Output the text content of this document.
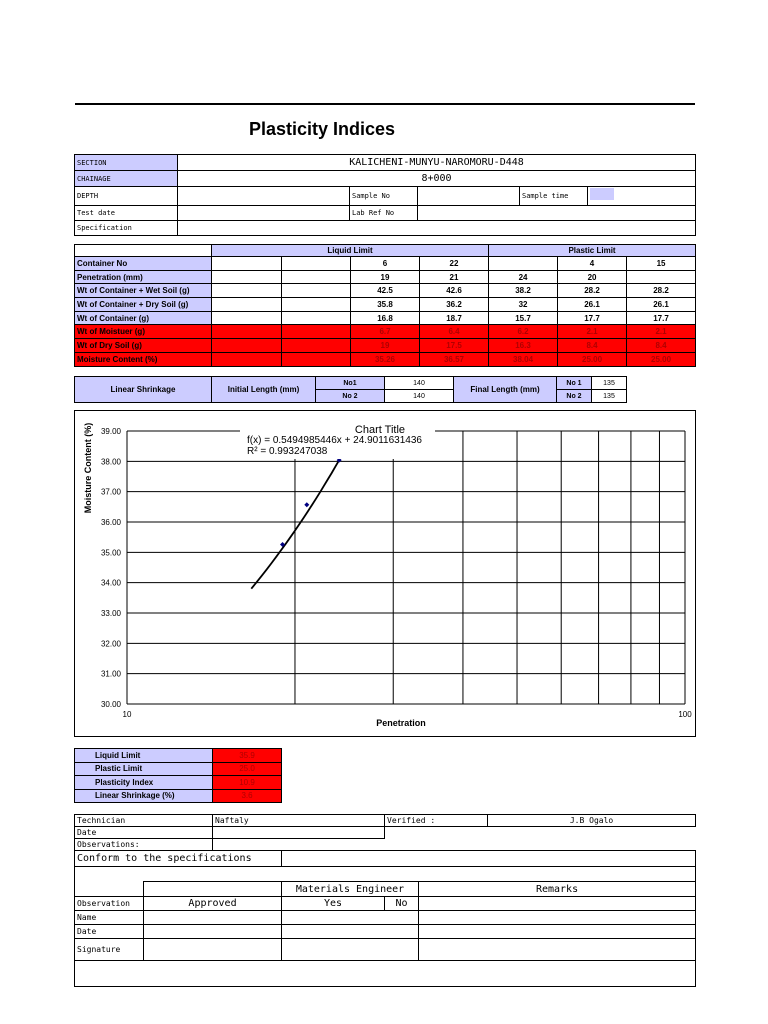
Plasticity Indices
SECTION	KALICHENI-MUNYU-NAROMORU-D448				
CHAINAGE	8+000				
DEPTH		Sample No		Sample time	
Test date		Lab Ref No			
Specification					
	Liquid Limit				Plastic Limit		
Container No			6	22		4	15
Penetration (mm)			19	21	24	20	
Wt of Container + Wet Soil (g)			42.5	42.6	38.2	28.2	28.2
Wt of Container + Dry Soil (g)			35.8	36.2	32	26.1	26.1
Wt of Container (g)			16.8	18.7	15.7	17.7	17.7
Wt of Moistuer (g)			6.7	6.4	6.2	2.1	2.1
Wt of Dry Soil (g)			19	17.5	16.3	8.4	8.4
Moisture Content (%)			35.26	36.57	38.04	25.00	25.00
Linear Shrinkage	Initial Length (mm)	No1	140	Final Length (mm)	No 1	135
		No 2	140		No 2	135
30.00
31.00
32.00
33.00
34.00
35.00
36.00
37.00
38.00
39.00
10	100
Chart Title
f(x) = 0.5494985446x + 24.9011631436
R² = 0.993247038
Penetration
Moisture Content (%)
Liquid Limit	35.9
Plastic Limit	25.0
Plasticity Index	10.9
Linear Shrinkage (%)	3.6
Technician		Naftaly		Verified :		J.B Ogalo
Date						
Observations:						
Conform to the specifications						

			Materials Engineer		Remarks	
Observation	Approved		Yes	No		
Name						
Date						
Signature						
